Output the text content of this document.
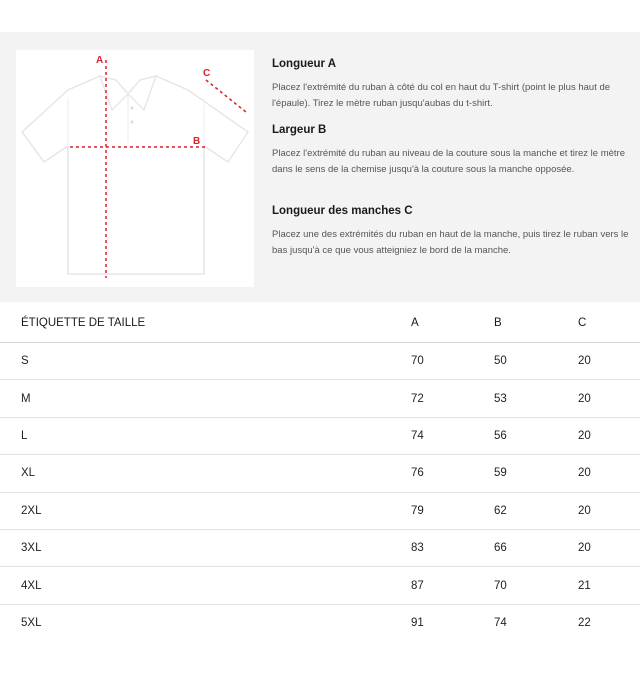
A
B
C

Longueur A

Placez l'extrémité du ruban à côté du col en haut du T-shirt (point le plus haut de l'épaule). Tirez le mètre ruban jusqu'aubas du t-shirt.

Largeur B

Placez l'extrémité du ruban au niveau de la couture sous la manche et tirez le mètre dans le sens de la chemise jusqu'à la couture sous la manche opposée.

Longueur des manches C

Placez une des extrémités du ruban en haut de la manche, puis tirez le ruban vers le bas jusqu'à ce que vous atteigniez le bord de la manche.

ÉTIQUETTE DE TAILLE	A	B	C
S	70	50	20
M	72	53	20
L	74	56	20
XL	76	59	20
2XL	79	62	20
3XL	83	66	20
4XL	87	70	21
5XL	91	74	22
